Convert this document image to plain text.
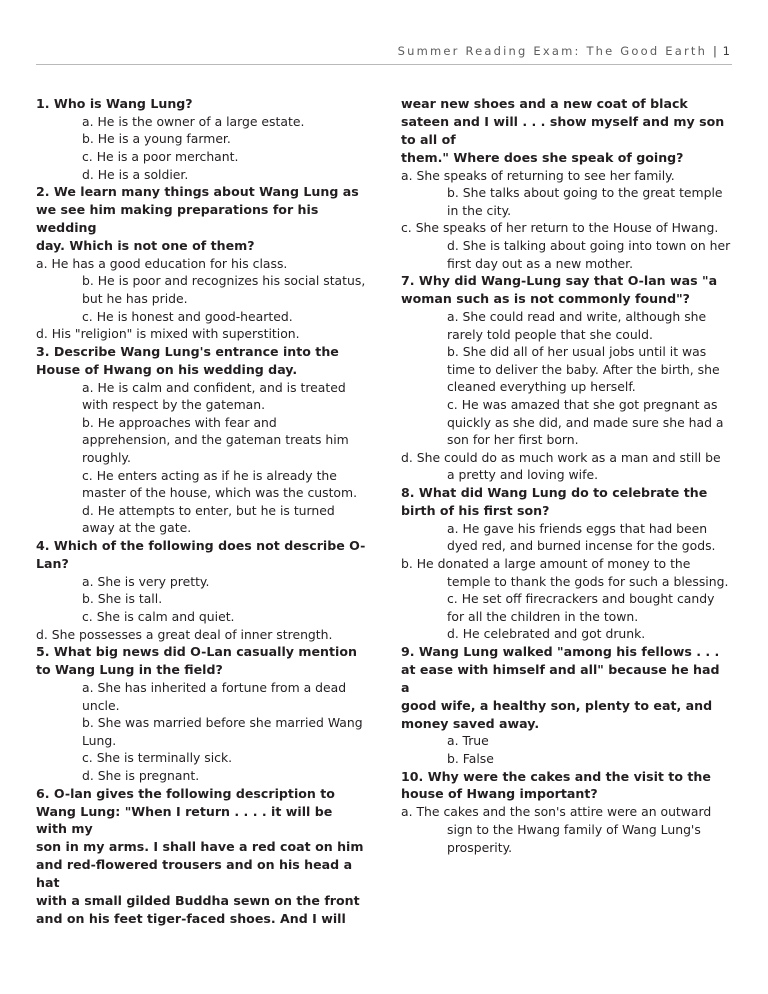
Summer Reading Exam: The Good Earth | 1

1. Who is Wang Lung?

a. He is the owner of a large estate.
b. He is a young farmer.
c. He is a poor merchant.
d. He is a soldier.

2. We learn many things about Wang Lung as we see him making preparations for his wedding

day. Which is not one of them?

a. He has a good education for his class.
b. He is poor and recognizes his social status, but he has pride.
c. He is honest and good-hearted.
d. His "religion" is mixed with superstition.

3. Describe Wang Lung's entrance into the House of Hwang on his wedding day.

a. He is calm and confident, and is treated with respect by the gateman.
b. He approaches with fear and apprehension, and the gateman treats him roughly.
c. He enters acting as if he is already the master of the house, which was the custom.
d. He attempts to enter, but he is turned away at the gate.

4. Which of the following does not describe O-Lan?

a. She is very pretty.
b. She is tall.
c. She is calm and quiet.
d. She possesses a great deal of inner strength.

5. What big news did O-Lan casually mention to Wang Lung in the field?

a. She has inherited a fortune from a dead uncle.
b. She was married before she married Wang Lung.
c. She is terminally sick.
d. She is pregnant.

6. O-lan gives the following description to Wang Lung: "When I return . . . . it will be with my

son in my arms. I shall have a red coat on him and red-flowered trousers and on his head a hat

with a small gilded Buddha sewn on the front and on his feet tiger-faced shoes. And I will

wear new shoes and a new coat of black sateen and I will . . . show myself and my son to all of

them." Where does she speak of going?

a. She speaks of returning to see her family.
b. She talks about going to the great temple in the city.
c. She speaks of her return to the House of Hwang.
d. She is talking about going into town on her first day out as a new mother.

7. Why did Wang-Lung say that O-lan was "a woman such as is not commonly found"?

a. She could read and write, although she rarely told people that she could.
b. She did all of her usual jobs until it was time to deliver the baby. After the birth, she cleaned everything up herself.
c. He was amazed that she got pregnant as quickly as she did, and made sure she had a son for her first born.
d. She could do as much work as a man and still be a pretty and loving wife.

8. What did Wang Lung do to celebrate the birth of his first son?

a. He gave his friends eggs that had been dyed red, and burned incense for the gods.
b. He donated a large amount of money to the temple to thank the gods for such a blessing.
c. He set off firecrackers and bought candy for all the children in the town.
d. He celebrated and got drunk.

9. Wang Lung walked "among his fellows . . . at ease with himself and all" because he had a

good wife, a healthy son, plenty to eat, and money saved away.

a. True
b. False

10. Why were the cakes and the visit to the house of Hwang important?

a. The cakes and the son's attire were an outward sign to the Hwang family of Wang Lung's prosperity.
